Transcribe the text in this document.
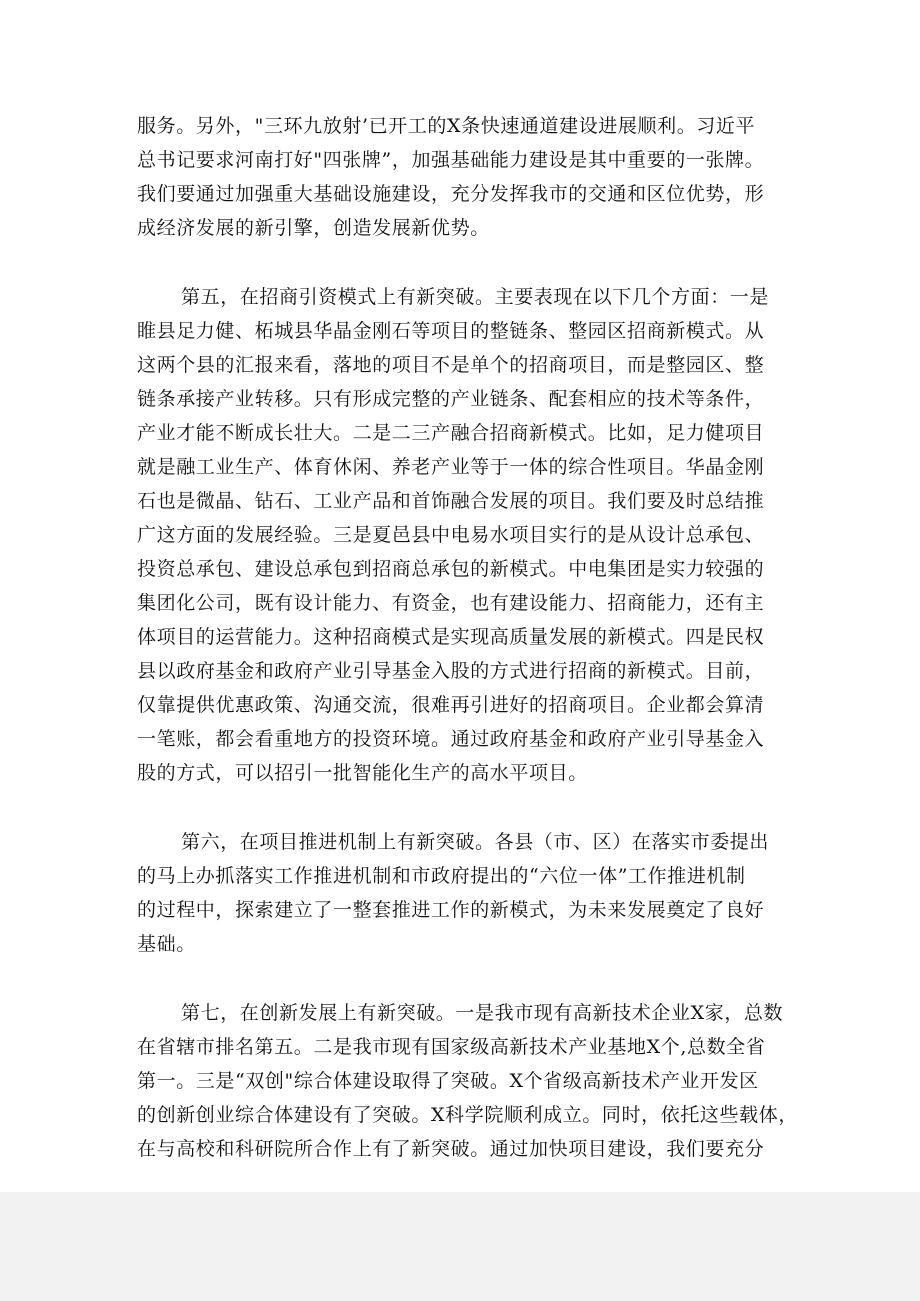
服务。另外，"三环九放射’已开工的X条快速通道建设进展顺利。习近平
总书记要求河南打好"四张牌”，加强基础能力建设是其中重要的一张牌。
我们要通过加强重大基础设施建设，充分发挥我市的交通和区位优势，形
成经济发展的新引擎，创造发展新优势。
第五，在招商引资模式上有新突破。主要表现在以下几个方面：一是
睢县足力健、柘城县华晶金刚石等项目的整链条、整园区招商新模式。从
这两个县的汇报来看，落地的项目不是单个的招商项目，而是整园区、整
链条承接产业转移。只有形成完整的产业链条、配套相应的技术等条件，
产业才能不断成长壮大。二是二三产融合招商新模式。比如，足力健项目
就是融工业生产、体育休闲、养老产业等于一体的综合性项目。华晶金刚
石也是微晶、钻石、工业产品和首饰融合发展的项目。我们要及时总结推
广这方面的发展经验。三是夏邑县中电易水项目实行的是从设计总承包、
投资总承包、建设总承包到招商总承包的新模式。中电集团是实力较强的
集团化公司，既有设计能力、有资金，也有建设能力、招商能力，还有主
体项目的运营能力。这种招商模式是实现高质量发展的新模式。四是民权
县以政府基金和政府产业引导基金入股的方式进行招商的新模式。目前，
仅靠提供优惠政策、沟通交流，很难再引进好的招商项目。企业都会算清
一笔账，都会看重地方的投资环境。通过政府基金和政府产业引导基金入
股的方式，可以招引一批智能化生产的高水平项目。
第六，在项目推进机制上有新突破。各县（市、区）在落实市委提出
的马上办抓落实工作推进机制和市政府提出的“六位一体”工作推进机制
的过程中，探索建立了一整套推进工作的新模式，为未来发展奠定了良好
基础。
第七，在创新发展上有新突破。一是我市现有高新技术企业X家，总数
在省辖市排名第五。二是我市现有国家级高新技术产业基地X个,总数全省
第一。三是“双创"综合体建设取得了突破。X个省级高新技术产业开发区
的创新创业综合体建设有了突破。X科学院顺利成立。同时，依托这些载体，
在与高校和科研院所合作上有了新突破。通过加快项目建设，我们要充分
